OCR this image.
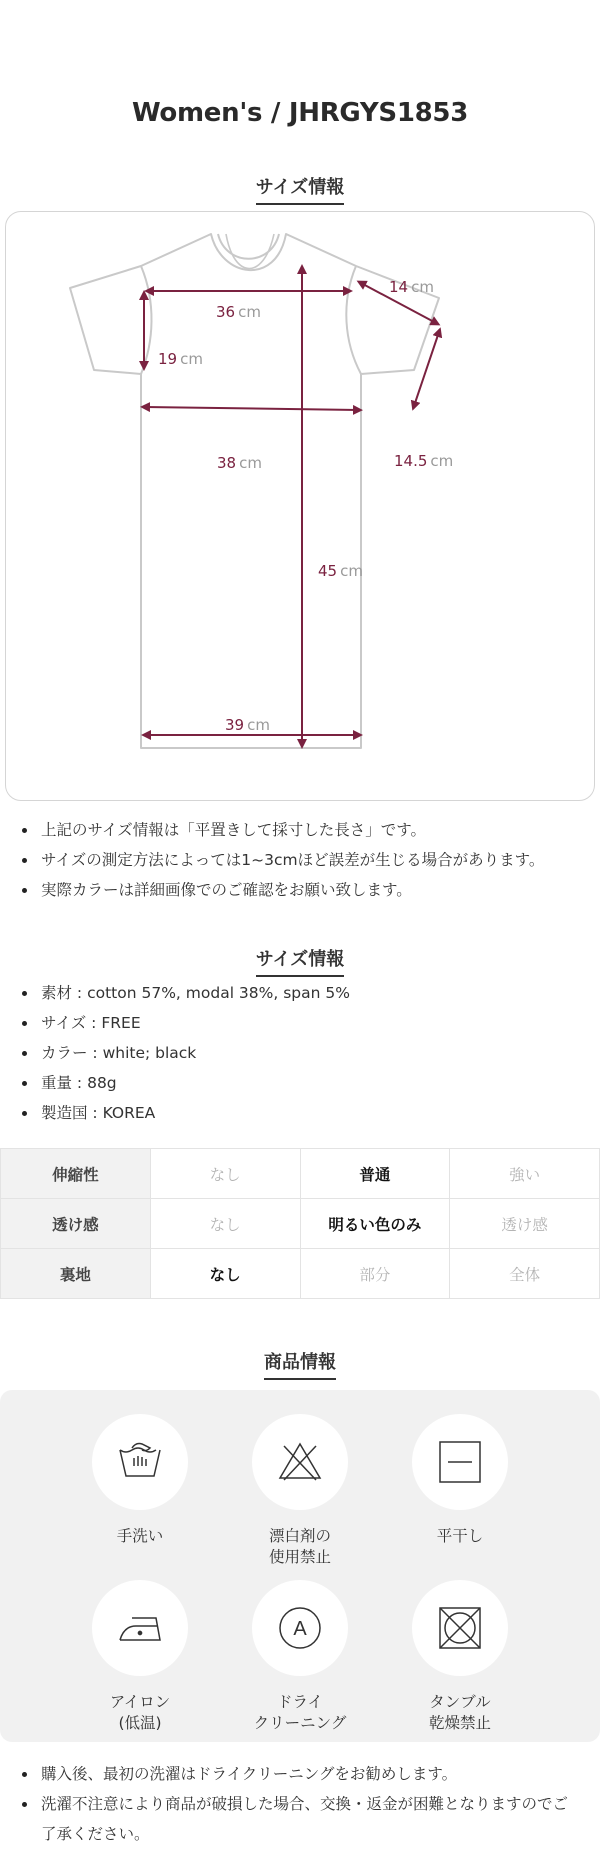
Women's / JHRGYS1853
サイズ情報
36 cm
19 cm
38 cm
45 cm
39 cm
14 cm
14.5 cm
上記のサイズ情報は「平置きして採寸した長さ」です。
サイズの測定方法によっては1~3cmほど誤差が生じる場合があります。
実際カラーは詳細画像でのご確認をお願い致します。
サイズ情報
素材 : cotton 57%, modal 38%, span 5%
サイズ : FREE
カラー : white; black
重量 : 88g
製造国 : KOREA
伸縮性	なし	普通	強い
透け感	なし	明るい色のみ	透け感
裏地	なし	部分	全体
商品情報
手洗い	漂白剤の
使用禁止
平干し
アイロン
(低温)
A
ドライ
クリーニング
タンブル
乾燥禁止
購入後、最初の洗濯はドライクリーニングをお勧めします。
洗濯不注意により商品が破損した場合、交換・返金が困難となりますのでご了承ください。
